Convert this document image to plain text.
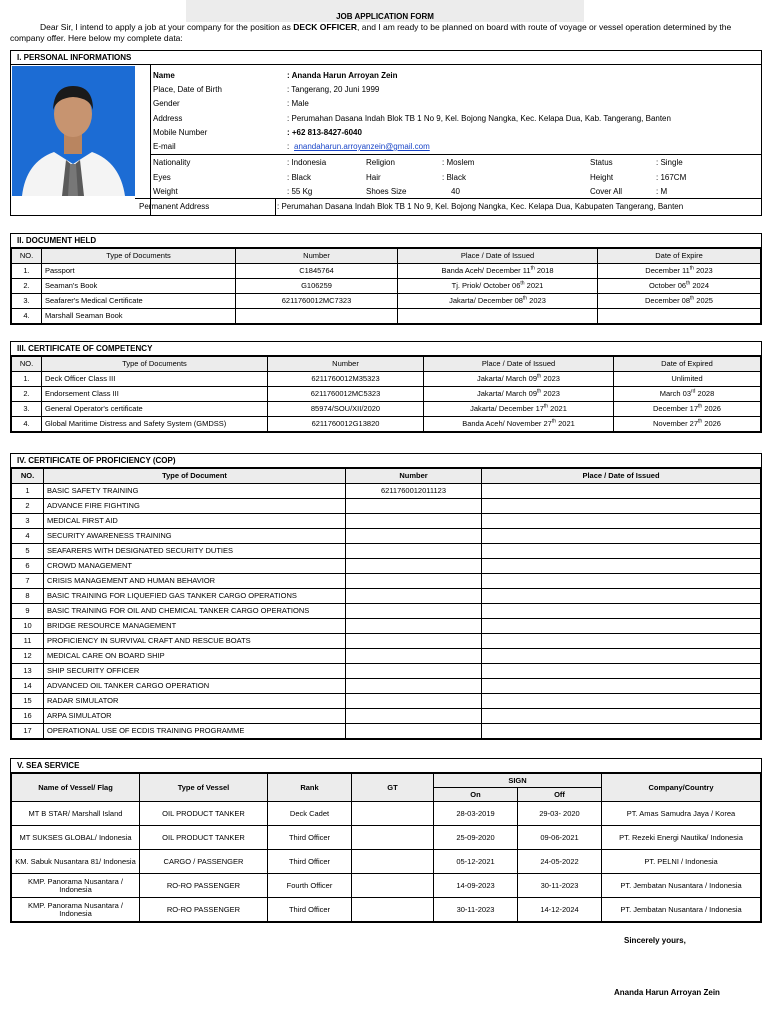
JOB APPLICATION FORM

Dear Sir, I intend to apply a job at your company for the position as DECK OFFICER, and I am ready to be planned on board with route of voyage or vessel operation determined by the company offer. Here below my complete data:

I. PERSONAL INFORMATIONS
Name	: Ananda Harun Arroyan Zein
Place, Date of Birth	: Tangerang, 20 Juni 1999
Gender	: Male
Address	: Perumahan Dasana Indah Blok TB 1 No 9, Kel. Bojong Nangka, Kec. Kelapa Dua, Kab. Tangerang, Banten
Mobile Number	: +62 813-8427-6040
E-mail	: anandaharun.arroyanzein@gmail.com
Nationality	: Indonesia	Religion	: Moslem	Status	: Single
Eyes	: Black	Hair	: Black	Height	: 167CM
Weight	: 55 Kg	Shoes Size	40	Cover All	: M
Permanent Address	: Perumahan Dasana Indah Blok TB 1 No 9, Kel. Bojong Nangka, Kec. Kelapa Dua, Kabupaten Tangerang, Banten
II. DOCUMENT HELD
NO.	Type of Documents	Number	Place / Date of Issued	Date of Expire
1.	Passport	C1845764	Banda Aceh/ December 11th 2018	December 11th 2023
2.	Seaman's Book	G106259	Tj. Priok/ October 06th 2021	October 06th 2024
3.	Seafarer's Medical Certificate	6211760012MC7323	Jakarta/ December 08th 2023	December 08th 2025
4.	Marshall Seaman Book			
III. CERTIFICATE OF COMPETENCY
NO.	Type of Documents	Number	Place / Date of Issued	Date of Expired
1.	Deck Officer Class III	6211760012M35323	Jakarta/ March 09th 2023	Unlimited
2.	Endorsement Class III	6211760012MC5323	Jakarta/ March 09th 2023	March 03rd 2028
3.	General Operator's certificate	85974/SOU/XII/2020	Jakarta/ December 17th 2021	December 17th 2026
4.	Global Maritime Distress and Safety System (GMDSS)	6211760012G13820	Banda Aceh/ November 27th 2021	November 27th 2026
IV. CERTIFICATE OF PROFICIENCY (COP)
NO.	Type of Document	Number	Place / Date of Issued
1	BASIC SAFETY TRAINING	6211760012011123	
2	ADVANCE FIRE FIGHTING		
3	MEDICAL FIRST AID		
4	SECURITY AWARENESS TRAINING		
5	SEAFARERS WITH DESIGNATED SECURITY DUTIES		
6	CROWD MANAGEMENT		
7	CRISIS MANAGEMENT AND HUMAN BEHAVIOR		
8	BASIC TRAINING FOR LIQUEFIED GAS TANKER CARGO OPERATIONS		
9	BASIC TRAINING FOR OIL AND CHEMICAL TANKER CARGO OPERATIONS		
10	BRIDGE RESOURCE MANAGEMENT		
11	PROFICIENCY IN SURVIVAL CRAFT AND RESCUE BOATS		
12	MEDICAL CARE ON BOARD SHIP		
13	SHIP SECURITY OFFICER		
14	ADVANCED OIL TANKER CARGO OPERATION		
15	RADAR SIMULATOR		
16	ARPA SIMULATOR		
17	OPERATIONAL USE OF ECDIS TRAINING PROGRAMME		
V. SEA SERVICE
Name of Vessel/ Flag	Type of Vessel	Rank	GT	SIGN		Company/Country
				On	Off	
MT B STAR/ Marshall Island	OIL PRODUCT TANKER	Deck Cadet		28-03-2019	29-03- 2020	PT. Amas Samudra Jaya / Korea
MT SUKSES GLOBAL/ Indonesia	OIL PRODUCT TANKER	Third Officer		25-09-2020	09-06-2021	PT. Rezeki Energi Nautika/ Indonesia
KM. Sabuk Nusantara 81/ Indonesia	CARGO / PASSENGER	Third Officer		05-12-2021	24-05-2022	PT. PELNI / Indonesia
KMP. Panorama Nusantara / Indonesia	RO-RO PASSENGER	Fourth Officer		14-09-2023	30-11-2023	PT. Jembatan Nusantara / Indonesia
KMP. Panorama Nusantara / Indonesia	RO-RO PASSENGER	Third Officer		30-11-2023	14-12-2024	PT. Jembatan Nusantara / Indonesia
Sincerely yours,
Ananda Harun Arroyan Zein
